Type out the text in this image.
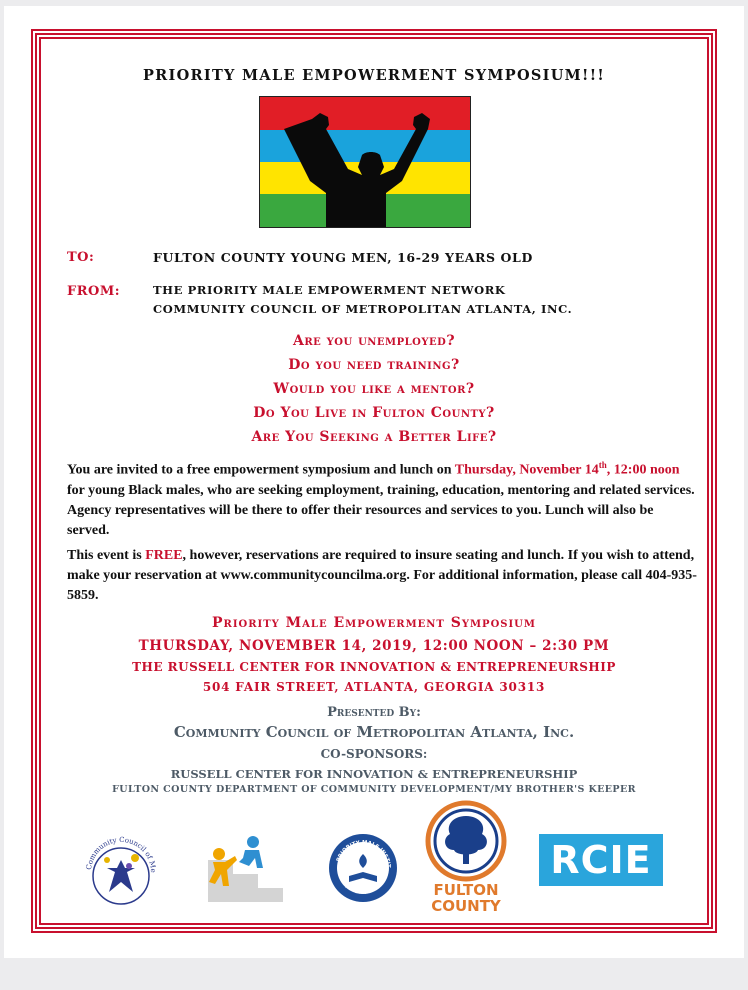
PRIORITY MALE EMPOWERMENT SYMPOSIUM!!!
TO:	FULTON COUNTY YOUNG MEN, 16-29 YEARS OLD
FROM:	THE PRIORITY MALE EMPOWERMENT NETWORK
COMMUNITY COUNCIL OF METROPOLITAN ATLANTA, INC.
Are you unemployed?
Do you need training?
Would you like a mentor?
Do You Live in Fulton County?
Are You Seeking a Better Life?
You are invited to a free empowerment symposium and lunch on Thursday, November 14th, 12:00 noon for young Black males, who are seeking employment, training, education, mentoring and related services. Agency representatives will be there to offer their resources and services to you. Lunch will also be served.
This event is FREE, however, reservations are required to insure seating and lunch. If you wish to attend, make your reservation at www.communitycouncilma.org. For additional information, please call 404-935-5859.
Priority Male Empowerment Symposium
THURSDAY, NOVEMBER 14, 2019, 12:00 NOON – 2:30 PM
THE RUSSELL CENTER FOR INNOVATION & ENTREPRENEURSHIP
504 FAIR STREET, ATLANTA, GEORGIA 30313
Presented By:
Community Council of Metropolitan Atlanta, Inc.
CO-SPONSORS:
RUSSELL CENTER FOR INNOVATION & ENTREPRENEURSHIP
FULTON COUNTY DEPARTMENT OF COMMUNITY DEVELOPMENT/MY BROTHER'S KEEPER
Community Council of Me
PRIORITY MALE INSTIT
Empowerment for Life
FULTON
COUNTY
RCIE
